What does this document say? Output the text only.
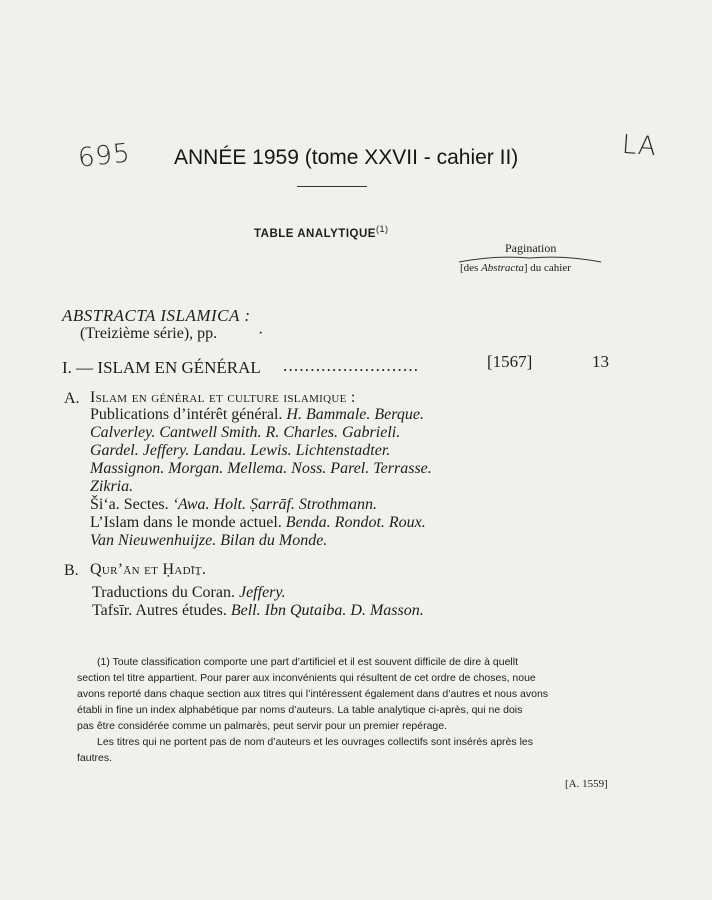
695	LA
ANNÉE 1959 (tome XXVII - cahier II)
TABLE ANALYTIQUE$^{(1)}$
Pagination
[des Abstracta] du cahier
ABSTRACTA ISLAMICA :
(Treizième série), pp.	·
I. — ISLAM EN GÉNÉRAL .........................	[1567]	13
A. Islam en général et culture islamique :
Publications d’intérêt général. H. Bammale. Berque.
Calverley. Cantwell Smith. R. Charles. Gabrieli.
Gardel. Jeffery. Landau. Lewis. Lichtenstadter.
Massignon. Morgan. Mellema. Noss. Parel. Terrasse.
Zikria.
Ši‘a. Sectes. ‘Awa. Holt. Ṣarrāf. Strothmann.
L’Islam dans le monde actuel. Benda. Rondot. Roux.
Van Nieuwenhuijze. Bilan du Monde.
B. Qur’ān et Ḥadīṯ.
Traductions du Coran. Jeffery.
Tafsīr. Autres études. Bell. Ibn Qutaiba. D. Masson.
(1) Toute classification comporte une part d’artificiel et il est souvent difficile de dire à quellt
section tel titre appartient. Pour parer aux inconvénients qui résultent de cet ordre de choses, noue
avons reporté dans chaque section aux titres qui l’intéressent également dans d’autres et nous avons
établi in fine un index alphabétique par noms d’auteurs. La table analytique ci-après, qui ne dois
pas être considérée comme un palmarès, peut servir pour un premier repérage.
Les titres qui ne portent pas de nom d’auteurs et les ouvrages collectifs sont insérés après les
fautres.
[A. 1559]
